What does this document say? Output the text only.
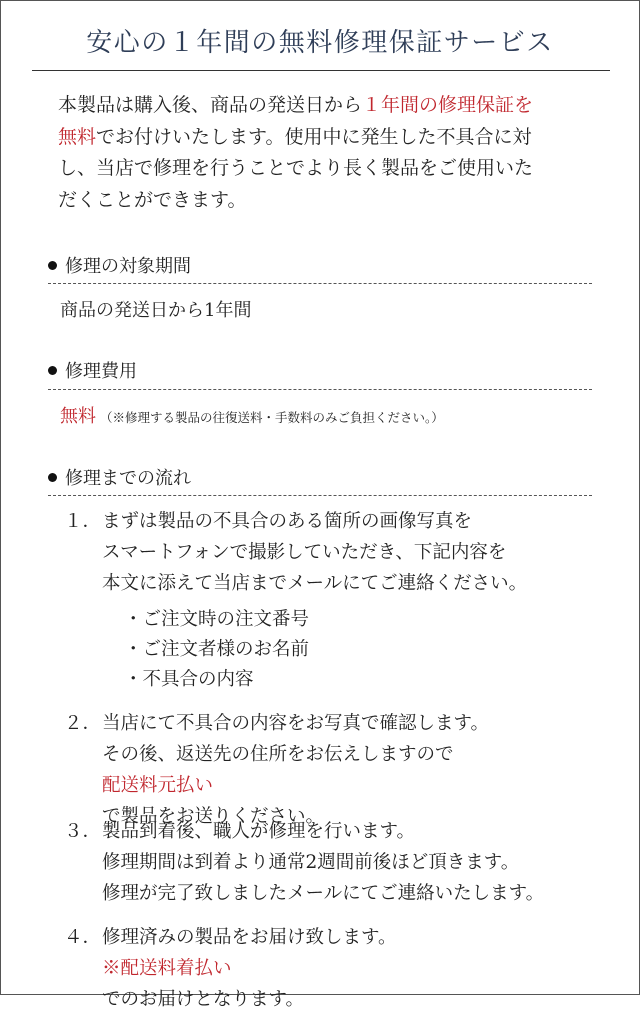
安心の１年間の無料修理保証サービス
本製品は購入後、商品の発送日から１年間の修理保証を
無料でお付けいたします。使用中に発生した不具合に対
し、当店で修理を行うことでより長く製品をご使用いた
だくことができます。
修理の対象期間
商品の発送日から1年間
修理費用
無料 （※修理する製品の往復送料・手数料のみご負担ください。）
修理までの流れ
１． まずは製品の不具合のある箇所の画像写真を
スマートフォンで撮影していただき、下記内容を
本文に添えて当店までメールにてご連絡ください。
・ご注文時の注文番号
・ご注文者様のお名前
・不具合の内容
２． 当店にて不具合の内容をお写真で確認します。
その後、返送先の住所をお伝えしますので
配送料元払い
で製品をお送りください。
３． 製品到着後、職人が修理を行います。
修理期間は到着より通常2週間前後ほど頂きます。
修理が完了致しましたメールにてご連絡いたします。
４． 修理済みの製品をお届け致します。
※配送料着払い
でのお届けとなります。
